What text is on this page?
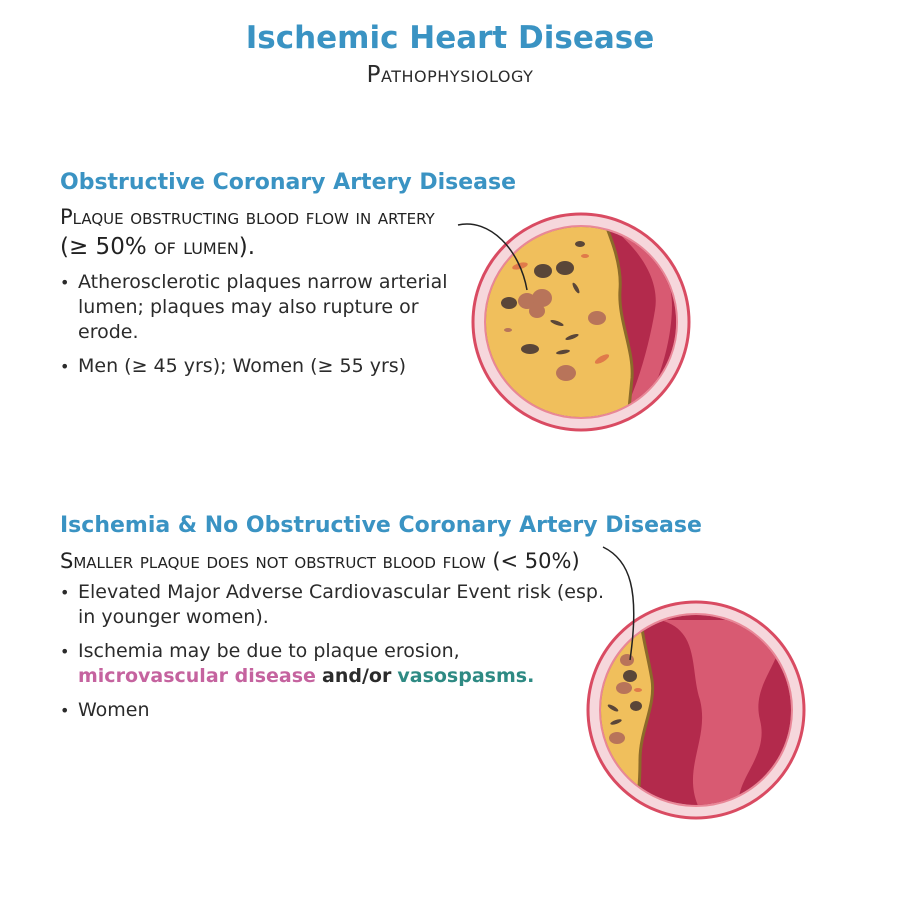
Ischemic Heart Disease
Pathophysiology
Obstructive Coronary Artery Disease
Plaque obstructing blood flow in artery
(≥ 50% of lumen).
• Atherosclerotic plaques narrow arterial lumen; plaques may also rupture or erode.
• Men (≥ 45 yrs); Women (≥ 55 yrs)
Ischemia & No Obstructive Coronary Artery Disease
Smaller plaque does not obstruct blood flow (< 50%)
• Elevated Major Adverse Cardiovascular Event risk (esp. in younger women).
• Ischemia may be due to plaque erosion,
microvascular disease and/or vasospasms.
• Women
